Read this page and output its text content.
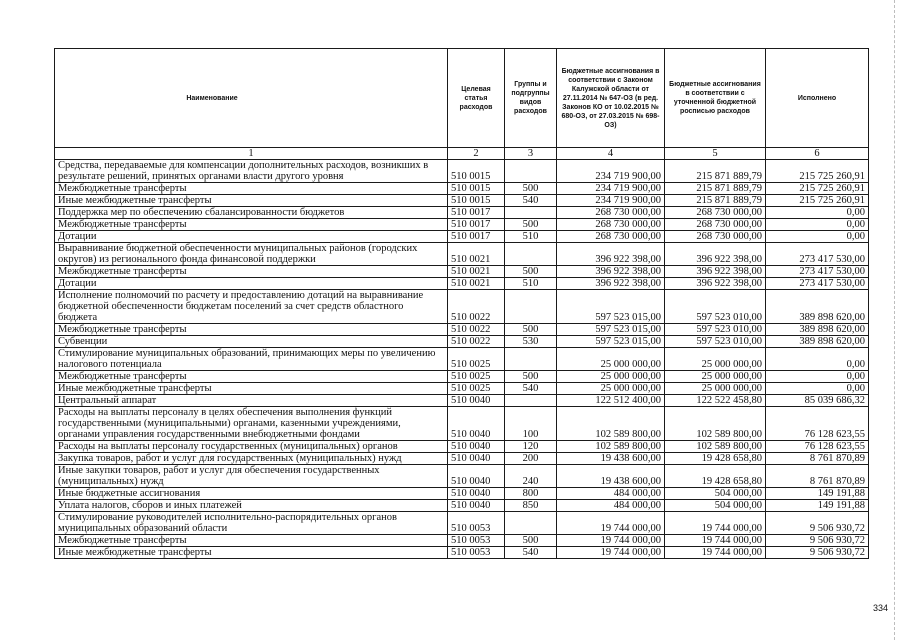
Наименование	Целевая статья расходов	Группы и подгруппы видов расходов	Бюджетные ассигнования в соответствии с Законом Калужской области от 27.11.2014 № 647-ОЗ (в ред. Законов КО от 10.02.2015 № 680-ОЗ, от 27.03.2015 № 698-ОЗ)	Бюджетные ассигнования в соответствии с уточненной бюджетной росписью расходов	Исполнено
1	2	3	4	5	6
Средства, передаваемые для компенсации дополнительных расходов, возникших в результате решений, принятых органами власти другого уровня	510 0015		234 719 900,00	215 871 889,79	215 725 260,91
Межбюджетные трансферты	510 0015	500	234 719 900,00	215 871 889,79	215 725 260,91
Иные межбюджетные трансферты	510 0015	540	234 719 900,00	215 871 889,79	215 725 260,91
Поддержка мер по обеспечению сбалансированности бюджетов	510 0017		268 730 000,00	268 730 000,00	0,00
Межбюджетные трансферты	510 0017	500	268 730 000,00	268 730 000,00	0,00
Дотации	510 0017	510	268 730 000,00	268 730 000,00	0,00
Выравнивание бюджетной обеспеченности муниципальных районов (городских округов) из регионального фонда финансовой поддержки	510 0021		396 922 398,00	396 922 398,00	273 417 530,00
Межбюджетные трансферты	510 0021	500	396 922 398,00	396 922 398,00	273 417 530,00
Дотации	510 0021	510	396 922 398,00	396 922 398,00	273 417 530,00
Исполнение полномочий по расчету и предоставлению дотаций на выравнивание бюджетной обеспеченности бюджетам поселений за счет средств областного бюджета	510 0022		597 523 015,00	597 523 010,00	389 898 620,00
Межбюджетные трансферты	510 0022	500	597 523 015,00	597 523 010,00	389 898 620,00
Субвенции	510 0022	530	597 523 015,00	597 523 010,00	389 898 620,00
Стимулирование муниципальных образований, принимающих меры по увеличению налогового потенциала	510 0025		25 000 000,00	25 000 000,00	0,00
Межбюджетные трансферты	510 0025	500	25 000 000,00	25 000 000,00	0,00
Иные межбюджетные трансферты	510 0025	540	25 000 000,00	25 000 000,00	0,00
Центральный аппарат	510 0040		122 512 400,00	122 522 458,80	85 039 686,32
Расходы на выплаты персоналу в целях обеспечения выполнения функций государственными (муниципальными) органами, казенными учреждениями, органами управления государственными внебюджетными фондами	510 0040	100	102 589 800,00	102 589 800,00	76 128 623,55
Расходы на выплаты персоналу государственных (муниципальных) органов	510 0040	120	102 589 800,00	102 589 800,00	76 128 623,55
Закупка товаров, работ и услуг для государственных (муниципальных) нужд	510 0040	200	19 438 600,00	19 428 658,80	8 761 870,89
Иные закупки товаров, работ и услуг для обеспечения государственных (муниципальных) нужд	510 0040	240	19 438 600,00	19 428 658,80	8 761 870,89
Иные бюджетные ассигнования	510 0040	800	484 000,00	504 000,00	149 191,88
Уплата налогов, сборов и иных платежей	510 0040	850	484 000,00	504 000,00	149 191,88
Стимулирование руководителей исполнительно-распорядительных органов муниципальных образований области	510 0053		19 744 000,00	19 744 000,00	9 506 930,72
Межбюджетные трансферты	510 0053	500	19 744 000,00	19 744 000,00	9 506 930,72
Иные межбюджетные трансферты	510 0053	540	19 744 000,00	19 744 000,00	9 506 930,72
334
